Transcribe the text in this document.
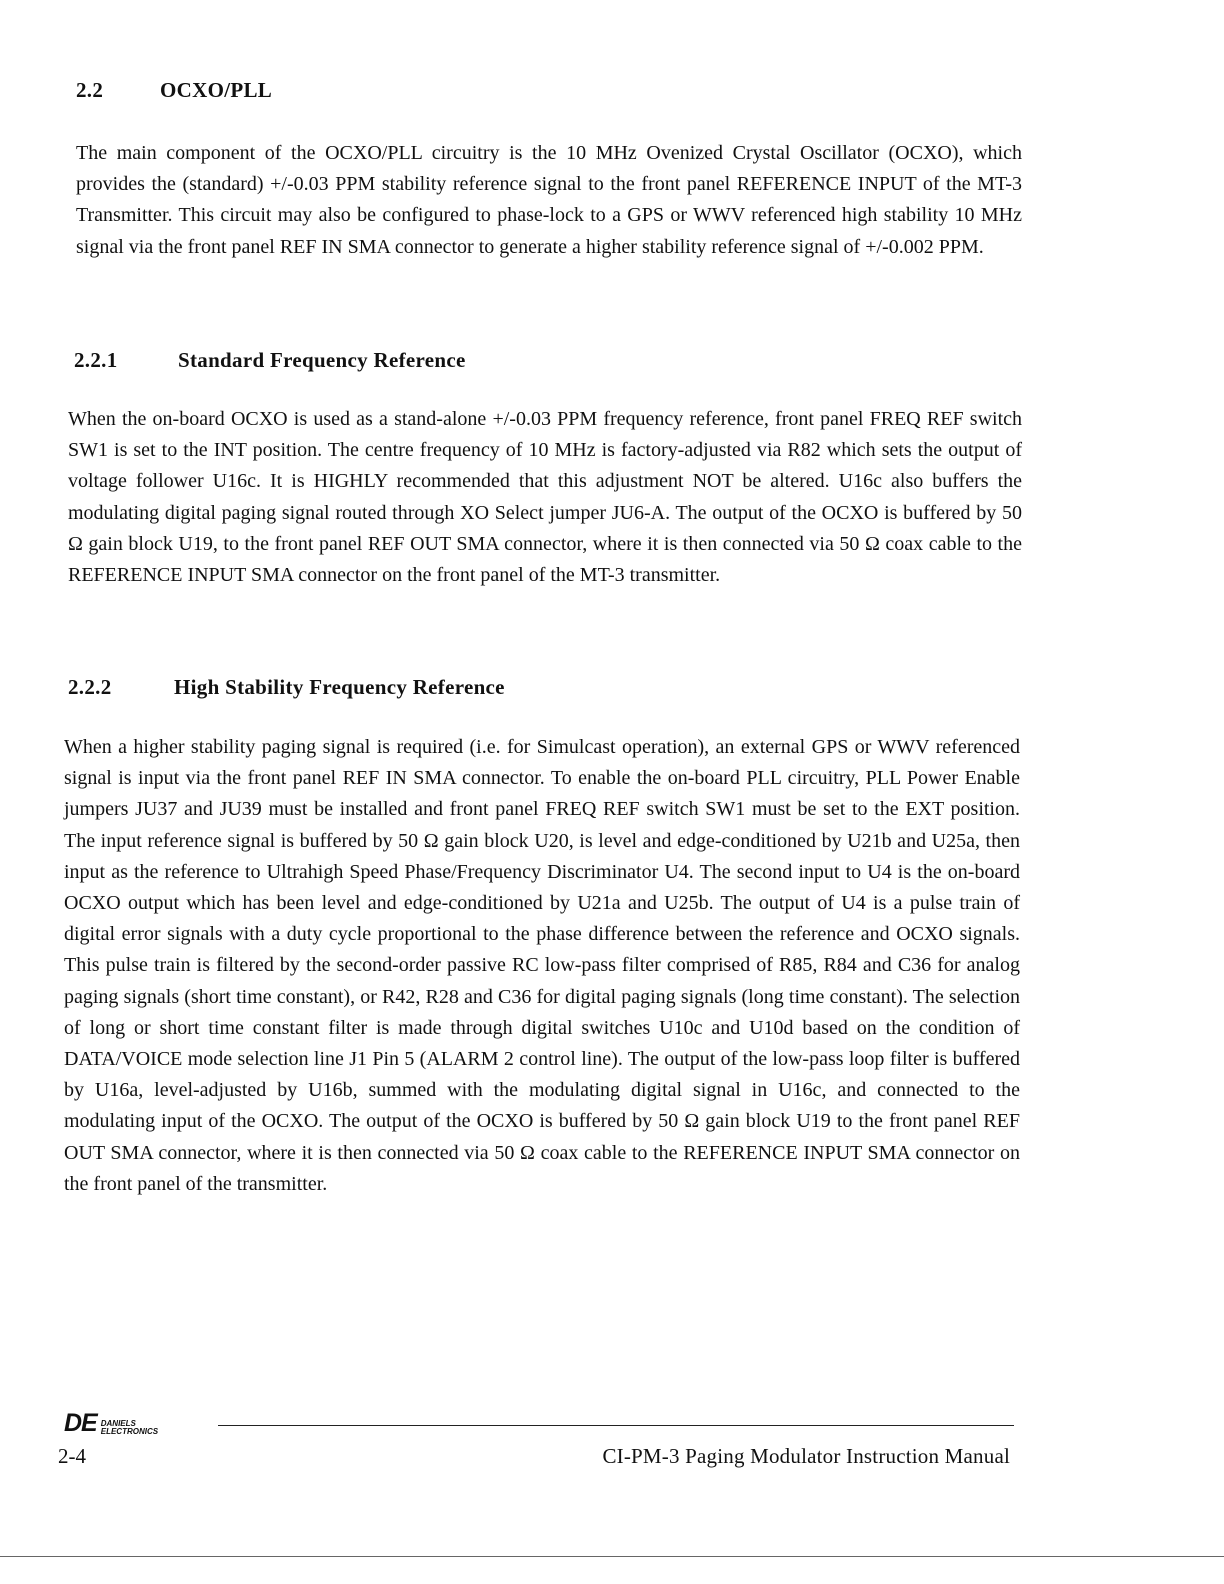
2.2	OCXO/PLL

The main component of the OCXO/PLL circuitry is the 10 MHz Ovenized Crystal Oscillator (OCXO), which provides the (standard) +/-0.03 PPM stability reference signal to the front panel REFERENCE INPUT of the MT-3 Transmitter. This circuit may also be configured to phase-lock to a GPS or WWV referenced high stability 10 MHz signal via the front panel REF IN SMA connector to generate a higher stability reference signal of +/-0.002 PPM.

2.2.1	Standard Frequency Reference

When the on-board OCXO is used as a stand-alone +/-0.03 PPM frequency reference, front panel FREQ REF switch SW1 is set to the INT position. The centre frequency of 10 MHz is factory-adjusted via R82 which sets the output of voltage follower U16c. It is HIGHLY recommended that this adjustment NOT be altered. U16c also buffers the modulating digital paging signal routed through XO Select jumper JU6-A. The output of the OCXO is buffered by 50 Ω gain block U19, to the front panel REF OUT SMA connector, where it is then connected via 50 Ω coax cable to the REFERENCE INPUT SMA connector on the front panel of the MT-3 transmitter.

2.2.2	High Stability Frequency Reference

When a higher stability paging signal is required (i.e. for Simulcast operation), an external GPS or WWV referenced signal is input via the front panel REF IN SMA connector. To enable the on-board PLL circuitry, PLL Power Enable jumpers JU37 and JU39 must be installed and front panel FREQ REF switch SW1 must be set to the EXT position. The input reference signal is buffered by 50 Ω gain block U20, is level and edge-conditioned by U21b and U25a, then input as the reference to Ultrahigh Speed Phase/Frequency Discriminator U4. The second input to U4 is the on-board OCXO output which has been level and edge-conditioned by U21a and U25b. The output of U4 is a pulse train of digital error signals with a duty cycle proportional to the phase difference between the reference and OCXO signals. This pulse train is filtered by the second-order passive RC low-pass filter comprised of R85, R84 and C36 for analog paging signals (short time constant), or R42, R28 and C36 for digital paging signals (long time constant). The selection of long or short time constant filter is made through digital switches U10c and U10d based on the condition of DATA/VOICE mode selection line J1 Pin 5 (ALARM 2 control line). The output of the low-pass loop filter is buffered by U16a, level-adjusted by U16b, summed with the modulating digital signal in U16c, and connected to the modulating input of the OCXO. The output of the OCXO is buffered by 50 Ω gain block U19 to the front panel REF OUT SMA connector, where it is then connected via 50 Ω coax cable to the REFERENCE INPUT SMA connector on the front panel of the transmitter.

DE DANIELS
ELECTRONICS
2-4	CI-PM-3 Paging Modulator Instruction Manual
